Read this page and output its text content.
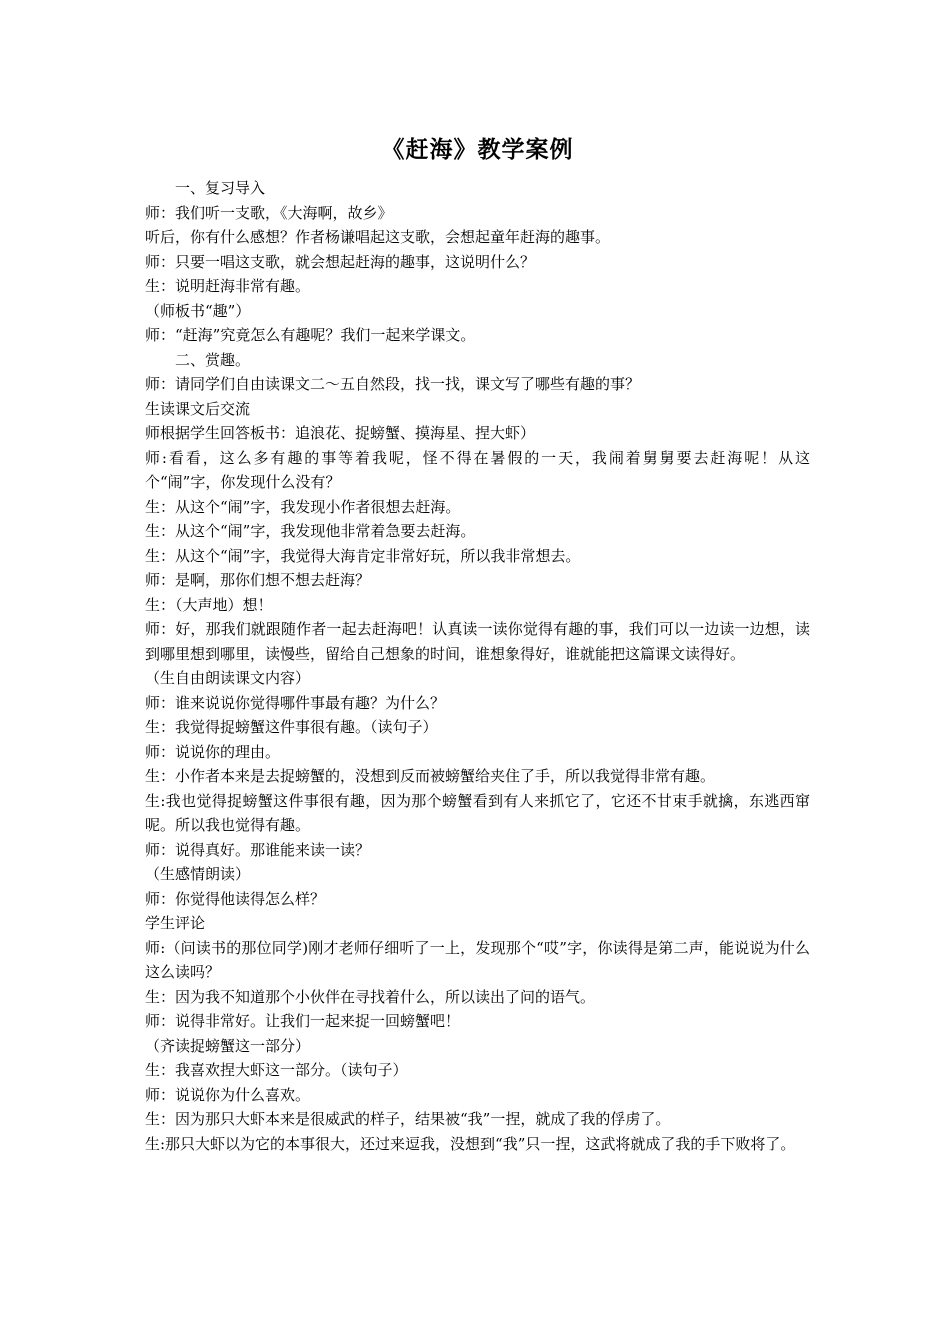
《赶海》教学案例

一、复习导入

师：我们听一支歌，《大海啊，故乡》

听后，你有什么感想？作者杨谦唱起这支歌，会想起童年赶海的趣事。

师：只要一唱这支歌，就会想起赶海的趣事，这说明什么？

生：说明赶海非常有趣。

（师板书“趣”）

师：“赶海”究竟怎么有趣呢？我们一起来学课文。

二、赏趣。

师：请同学们自由读课文二～五自然段，找一找，课文写了哪些有趣的事？

生读课文后交流

师根据学生回答板书：追浪花、捉螃蟹、摸海星、捏大虾）

师:看看，这么多有趣的事等着我呢，怪不得在暑假的一天，我闹着舅舅要去赶海呢！从这个“闹”字，你发现什么没有？

生：从这个“闹”字，我发现小作者很想去赶海。

生：从这个“闹”字，我发现他非常着急要去赶海。

生：从这个“闹”字，我觉得大海肯定非常好玩，所以我非常想去。

师：是啊，那你们想不想去赶海？

生：（大声地）想！

师：好，那我们就跟随作者一起去赶海吧！认真读一读你觉得有趣的事，我们可以一边读一边想，读到哪里想到哪里，读慢些，留给自己想象的时间，谁想象得好，谁就能把这篇课文读得好。

（生自由朗读课文内容）

师：谁来说说你觉得哪件事最有趣？为什么？

生：我觉得捉螃蟹这件事很有趣。（读句子）

师：说说你的理由。

生：小作者本来是去捉螃蟹的，没想到反而被螃蟹给夹住了手，所以我觉得非常有趣。

生:我也觉得捉螃蟹这件事很有趣，因为那个螃蟹看到有人来抓它了，它还不甘束手就擒，东逃西窜呢。所以我也觉得有趣。

师：说得真好。那谁能来读一读？

（生感情朗读）

师：你觉得他读得怎么样？

学生评论

师:（问读书的那位同学)刚才老师仔细听了一上，发现那个“哎”字，你读得是第二声，能说说为什么这么读吗？

生：因为我不知道那个小伙伴在寻找着什么，所以读出了问的语气。

师：说得非常好。让我们一起来捉一回螃蟹吧！

（齐读捉螃蟹这一部分）

生：我喜欢捏大虾这一部分。（读句子）

师：说说你为什么喜欢。

生：因为那只大虾本来是很威武的样子，结果被“我”一捏，就成了我的俘虏了。

生:那只大虾以为它的本事很大，还过来逗我，没想到“我”只一捏，这武将就成了我的手下败将了。
